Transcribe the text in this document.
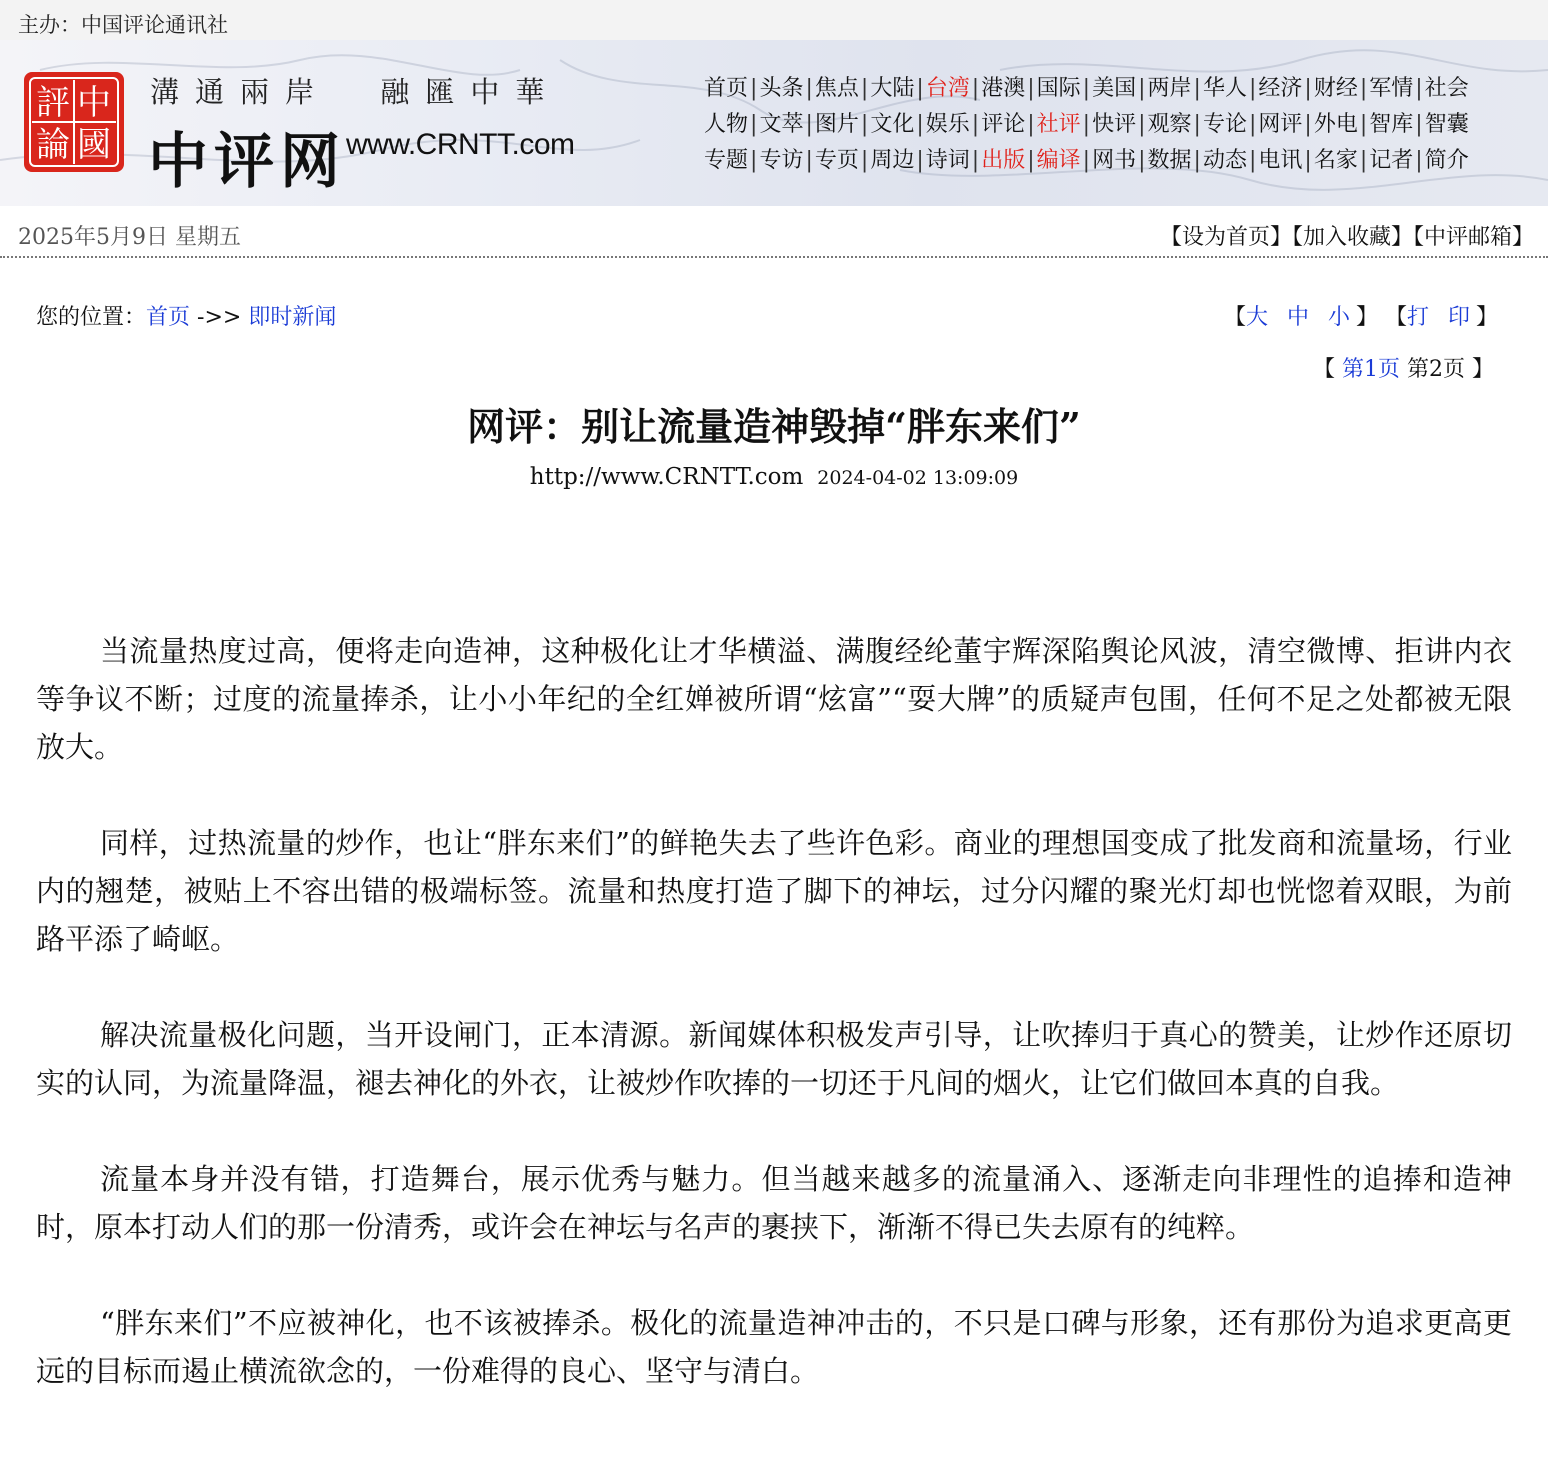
主办：中国评论通讯社
中
國
評
論
溝通兩岸  融匯中華
中评网 www.CRNTT.com
首页|头条|焦点|大陆|台湾|港澳|国际|美国|两岸|华人|经济|财经|军情|社会
人物|文萃|图片|文化|娱乐|评论|社评|快评|观察|专论|网评|外电|智库|智囊
专题|专访|专页|周边|诗词|出版|编译|网书|数据|动态|电讯|名家|记者|简介
2025年5月9日 星期五	【设为首页】【加入收藏】【中评邮箱】
您的位置：首页 ->> 即时新闻	【大 中 小】 【打 印】
【 第1页 第2页 】
网评：别让流量造神毁掉“胖东来们”
http://www.CRNTT.com 2024-04-02 13:09:09

当流量热度过高，便将走向造神，这种极化让才华横溢、满腹经纶董宇辉深陷舆论风波，清空微博、拒讲内衣等争议不断；过度的流量捧杀，让小小年纪的全红婵被所谓“炫富”“耍大牌”的质疑声包围，任何不足之处都被无限放大。

同样，过热流量的炒作，也让“胖东来们”的鲜艳失去了些许色彩。商业的理想国变成了批发商和流量场，行业内的翘楚，被贴上不容出错的极端标签。流量和热度打造了脚下的神坛，过分闪耀的聚光灯却也恍惚着双眼，为前路平添了崎岖。

解决流量极化问题，当开设闸门，正本清源。新闻媒体积极发声引导，让吹捧归于真心的赞美，让炒作还原切实的认同，为流量降温，褪去神化的外衣，让被炒作吹捧的一切还于凡间的烟火，让它们做回本真的自我。

流量本身并没有错，打造舞台，展示优秀与魅力。但当越来越多的流量涌入、逐渐走向非理性的追捧和造神时，原本打动人们的那一份清秀，或许会在神坛与名声的裹挟下，渐渐不得已失去原有的纯粹。

“胖东来们”不应被神化，也不该被捧杀。极化的流量造神冲击的，不只是口碑与形象，还有那份为追求更高更远的目标而遏止横流欲念的，一份难得的良心、坚守与清白。
